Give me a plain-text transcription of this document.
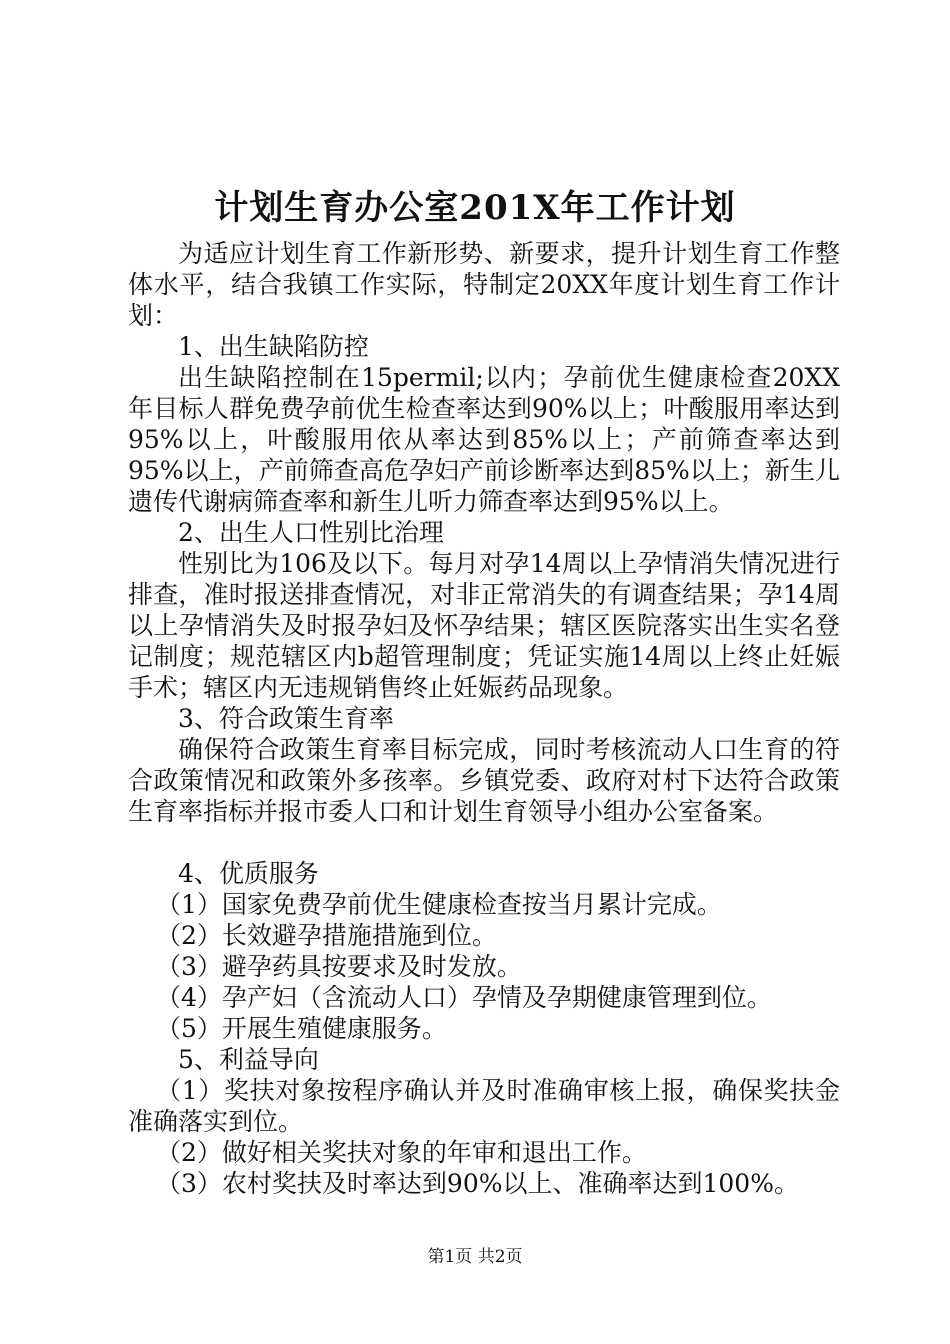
计划生育办公室201X年工作计划

为适应计划生育工作新形势、新要求，提升计划生育工作整体水平，结合我镇工作实际，特制定20XX年度计划生育工作计划：

1、出生缺陷防控

出生缺陷控制在15permil;以内；孕前优生健康检查20XX年目标人群免费孕前优生检查率达到90%以上；叶酸服用率达到95%以上，叶酸服用依从率达到85%以上；产前筛查率达到95%以上，产前筛查高危孕妇产前诊断率达到85%以上；新生儿遗传代谢病筛查率和新生儿听力筛查率达到95%以上。

2、出生人口性别比治理

性别比为106及以下。每月对孕14周以上孕情消失情况进行排查，准时报送排查情况，对非正常消失的有调查结果；孕14周以上孕情消失及时报孕妇及怀孕结果；辖区医院落实出生实名登记制度；规范辖区内b超管理制度；凭证实施14周以上终止妊娠手术；辖区内无违规销售终止妊娠药品现象。

3、符合政策生育率

确保符合政策生育率目标完成，同时考核流动人口生育的符合政策情况和政策外多孩率。乡镇党委、政府对村下达符合政策生育率指标并报市委人口和计划生育领导小组办公室备案。

4、优质服务

（1）国家免费孕前优生健康检查按当月累计完成。

（2）长效避孕措施措施到位。

（3）避孕药具按要求及时发放。

（4）孕产妇（含流动人口）孕情及孕期健康管理到位。

（5）开展生殖健康服务。

5、利益导向

（1）奖扶对象按程序确认并及时准确审核上报，确保奖扶金准确落实到位。

（2）做好相关奖扶对象的年审和退出工作。

（3）农村奖扶及时率达到90%以上、准确率达到100%。

第1页 共2页
